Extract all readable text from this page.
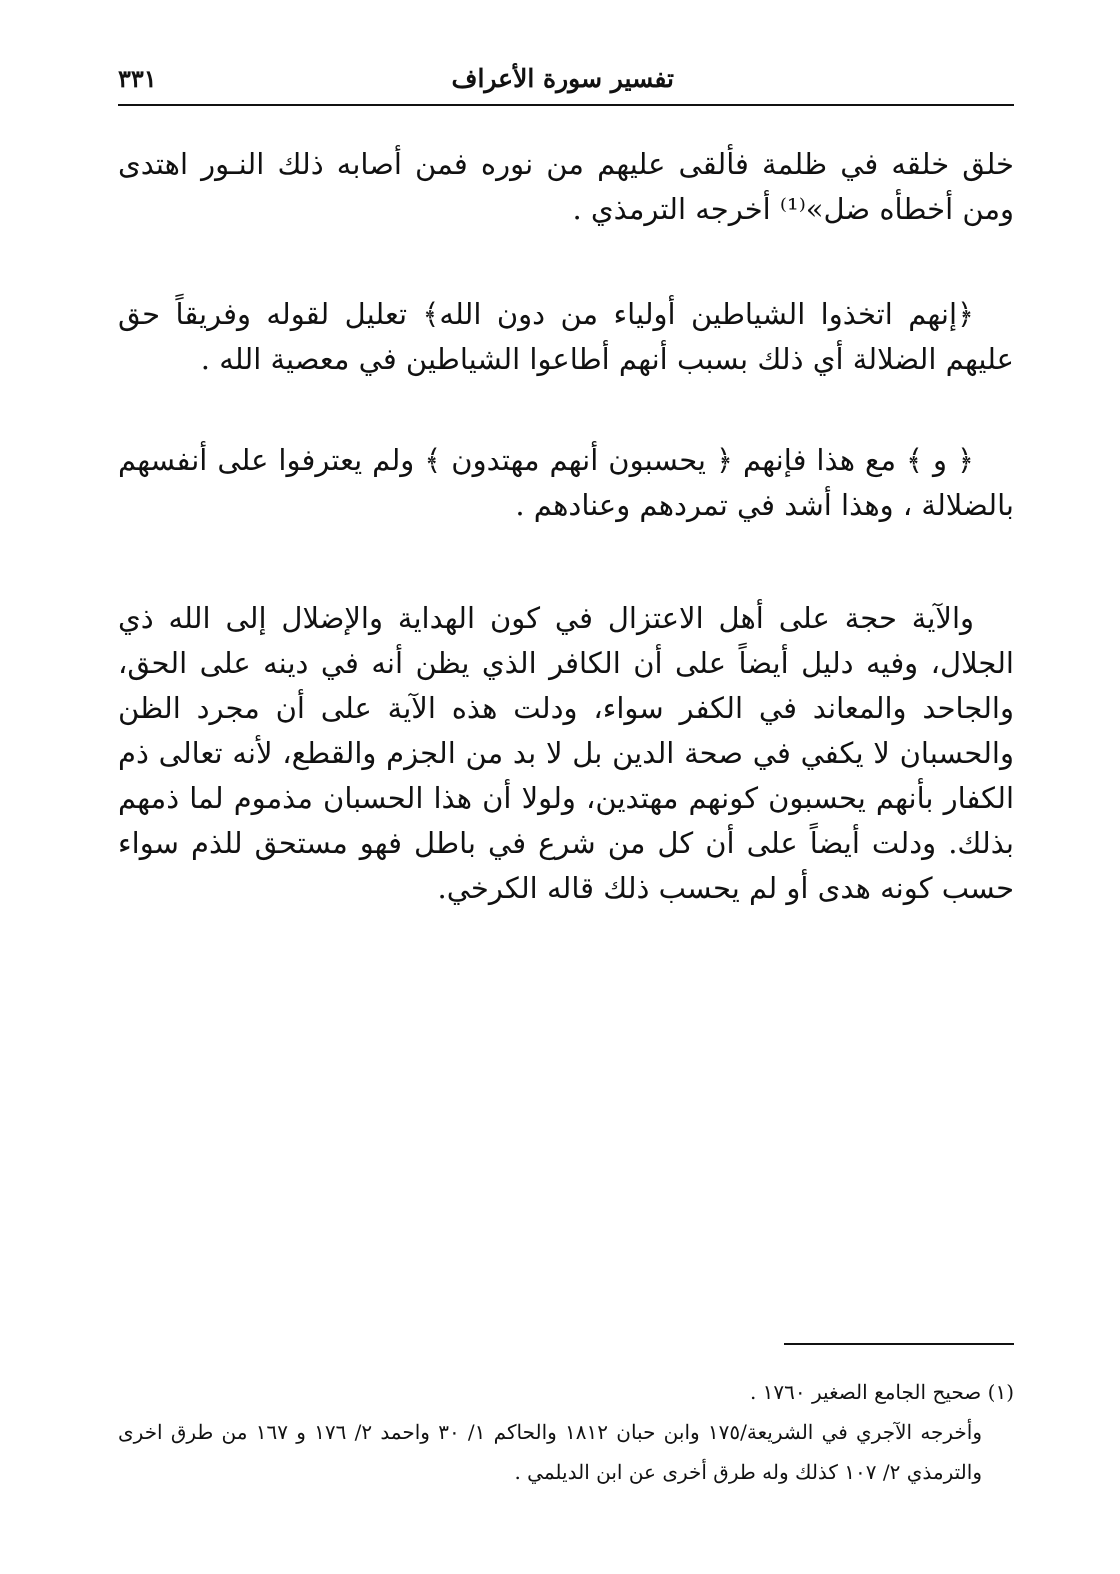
تفسير سورة الأعراف
٣٣١

خلق خلقه في ظلمة فألقى عليهم من نوره فمن أصابه ذلك النـور اهتدى ومن أخطأه ضل»⁽¹⁾ أخرجه الترمذي .

﴿إنهم اتخذوا الشياطين أولياء من دون الله﴾ تعليل لقوله وفريقاً حق عليهم الضلالة أي ذلك بسبب أنهم أطاعوا الشياطين في معصية الله .

﴿ و ﴾ مع هذا فإنهم ﴿ يحسبون أنهم مهتدون ﴾ ولم يعترفوا على أنفسهم بالضلالة ، وهذا أشد في تمردهم وعنادهم .

والآية حجة على أهل الاعتزال في كون الهداية والإضلال إلى الله ذي الجلال، وفيه دليل أيضاً على أن الكافر الذي يظن أنه في دينه على الحق، والجاحد والمعاند في الكفر سواء، ودلت هذه الآية على أن مجرد الظن والحسبان لا يكفي في صحة الدين بل لا بد من الجزم والقطع، لأنه تعالى ذم الكفار بأنهم يحسبون كونهم مهتدين، ولولا أن هذا الحسبان مذموم لما ذمهم بذلك. ودلت أيضاً على أن كل من شرع في باطل فهو مستحق للذم سواء حسب كونه هدى أو لم يحسب ذلك قاله الكرخي.

(١) صحيح الجامع الصغير ١٧٦٠ .

وأخرجه الآجري في الشريعة/١٧٥ وابن حبان ١٨١٢ والحاكم ١/ ٣٠ واحمد ٢/ ١٧٦ و ١٦٧ من طرق اخرى والترمذي ٢/ ١٠٧ كذلك وله طرق أخرى عن ابن الديلمي .
